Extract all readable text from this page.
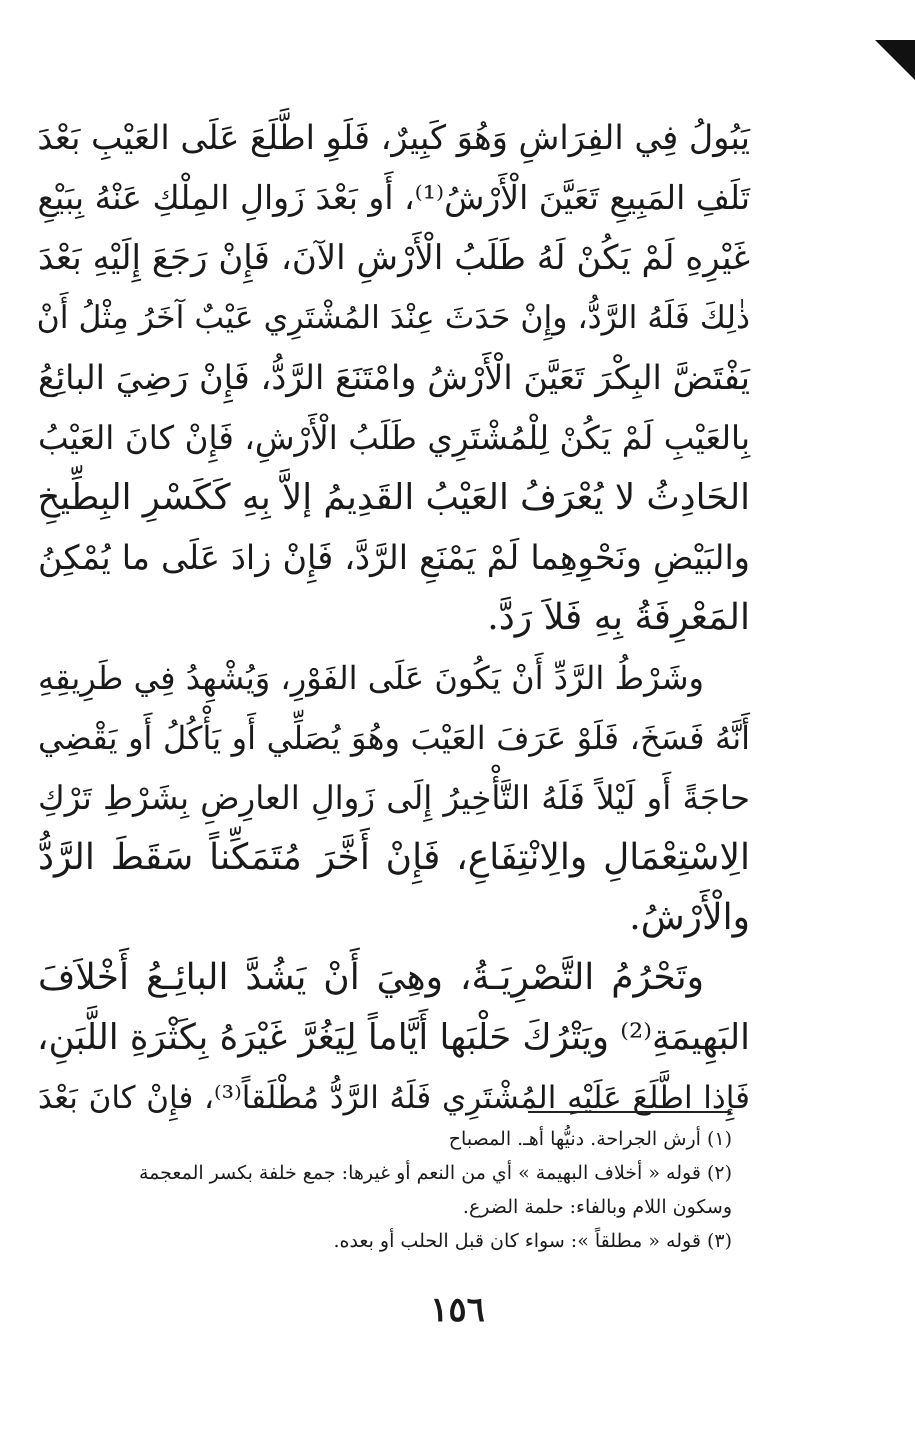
يَبُولُ فِي الفِرَاشِ وَهُوَ كَبِيرٌ، فَلَوِ اطَّلَعَ عَلَى العَيْبِ بَعْدَ
تَلَفِ المَبِيعِ تَعَيَّنَ الْأَرْشُ⁽¹⁾، أَو بَعْدَ زَوالِ المِلْكِ عَنْهُ بِبَيْعِ
غَيْرِهِ لَمْ يَكُنْ لَهُ طَلَبُ الْأَرْشِ الآنَ، فَإِنْ رَجَعَ إِلَيْهِ بَعْدَ
ذٰلِكَ فَلَهُ الرَّدُّ، وإِنْ حَدَثَ عِنْدَ المُشْتَرِي عَيْبٌ آخَرُ مِثْلُ أَنْ
يَفْتَضَّ البِكْرَ تَعَيَّنَ الْأَرْشُ وامْتَنَعَ الرَّدُّ، فَإِنْ رَضِيَ البائِعُ
بِالعَيْبِ لَمْ يَكُنْ لِلْمُشْتَرِي طَلَبُ الْأَرْشِ، فَإِنْ كانَ العَيْبُ
الحَادِثُ لا يُعْرَفُ العَيْبُ القَدِيمُ إلاَّ بِهِ كَكَسْرِ البِطِّيخِ
والبَيْضِ ونَحْوِهِما لَمْ يَمْنَعِ الرَّدَّ، فَإِنْ زادَ عَلَى ما يُمْكِنُ
المَعْرِفَةُ بِهِ فَلاَ رَدَّ.
وشَرْطُ الرَّدِّ أَنْ يَكُونَ عَلَى الفَوْرِ، وَيُشْهِدُ فِي طَرِيقِهِ
أَنَّهُ فَسَخَ، فَلَوْ عَرَفَ العَيْبَ وهُوَ يُصَلِّي أَو يَأْكُلُ أَو يَقْضِي
حاجَةً أَو لَيْلاً فَلَهُ التَّأْخِيرُ إِلَى زَوالِ العارِضِ بِشَرْطِ تَرْكِ
الِاسْتِعْمَالِ والِانْتِفَاعِ، فَإِنْ أَخَّرَ مُتَمَكِّناً سَقَطَ الرَّدُّ
والْأَرْشُ.
وتَحْرُمُ التَّصْرِيَـةُ، وهِيَ أَنْ يَشُدَّ البائِـعُ أَخْلاَفَ
البَهِيمَةِ⁽²⁾ ويَتْرُكَ حَلْبَها أَيَّاماً لِيَغُرَّ غَيْرَهُ بِكَثْرَةِ اللَّبَنِ،
فَإِذا اطَّلَعَ عَلَيْهِ المُشْتَرِي فَلَهُ الرَّدُّ مُطْلَقاً⁽³⁾، فإِنْ كانَ بَعْدَ
(١) أرش الجراحة. دنيُّها أهـ. المصباح
(٢) قوله « أخلاف البهيمة » أي من النعم أو غيرها: جمع خلفة بكسر المعجمة
وسكون اللام وبالفاء: حلمة الضرع.
(٣) قوله « مطلقاً »: سواء كان قبل الحلب أو بعده.
١٥٦
